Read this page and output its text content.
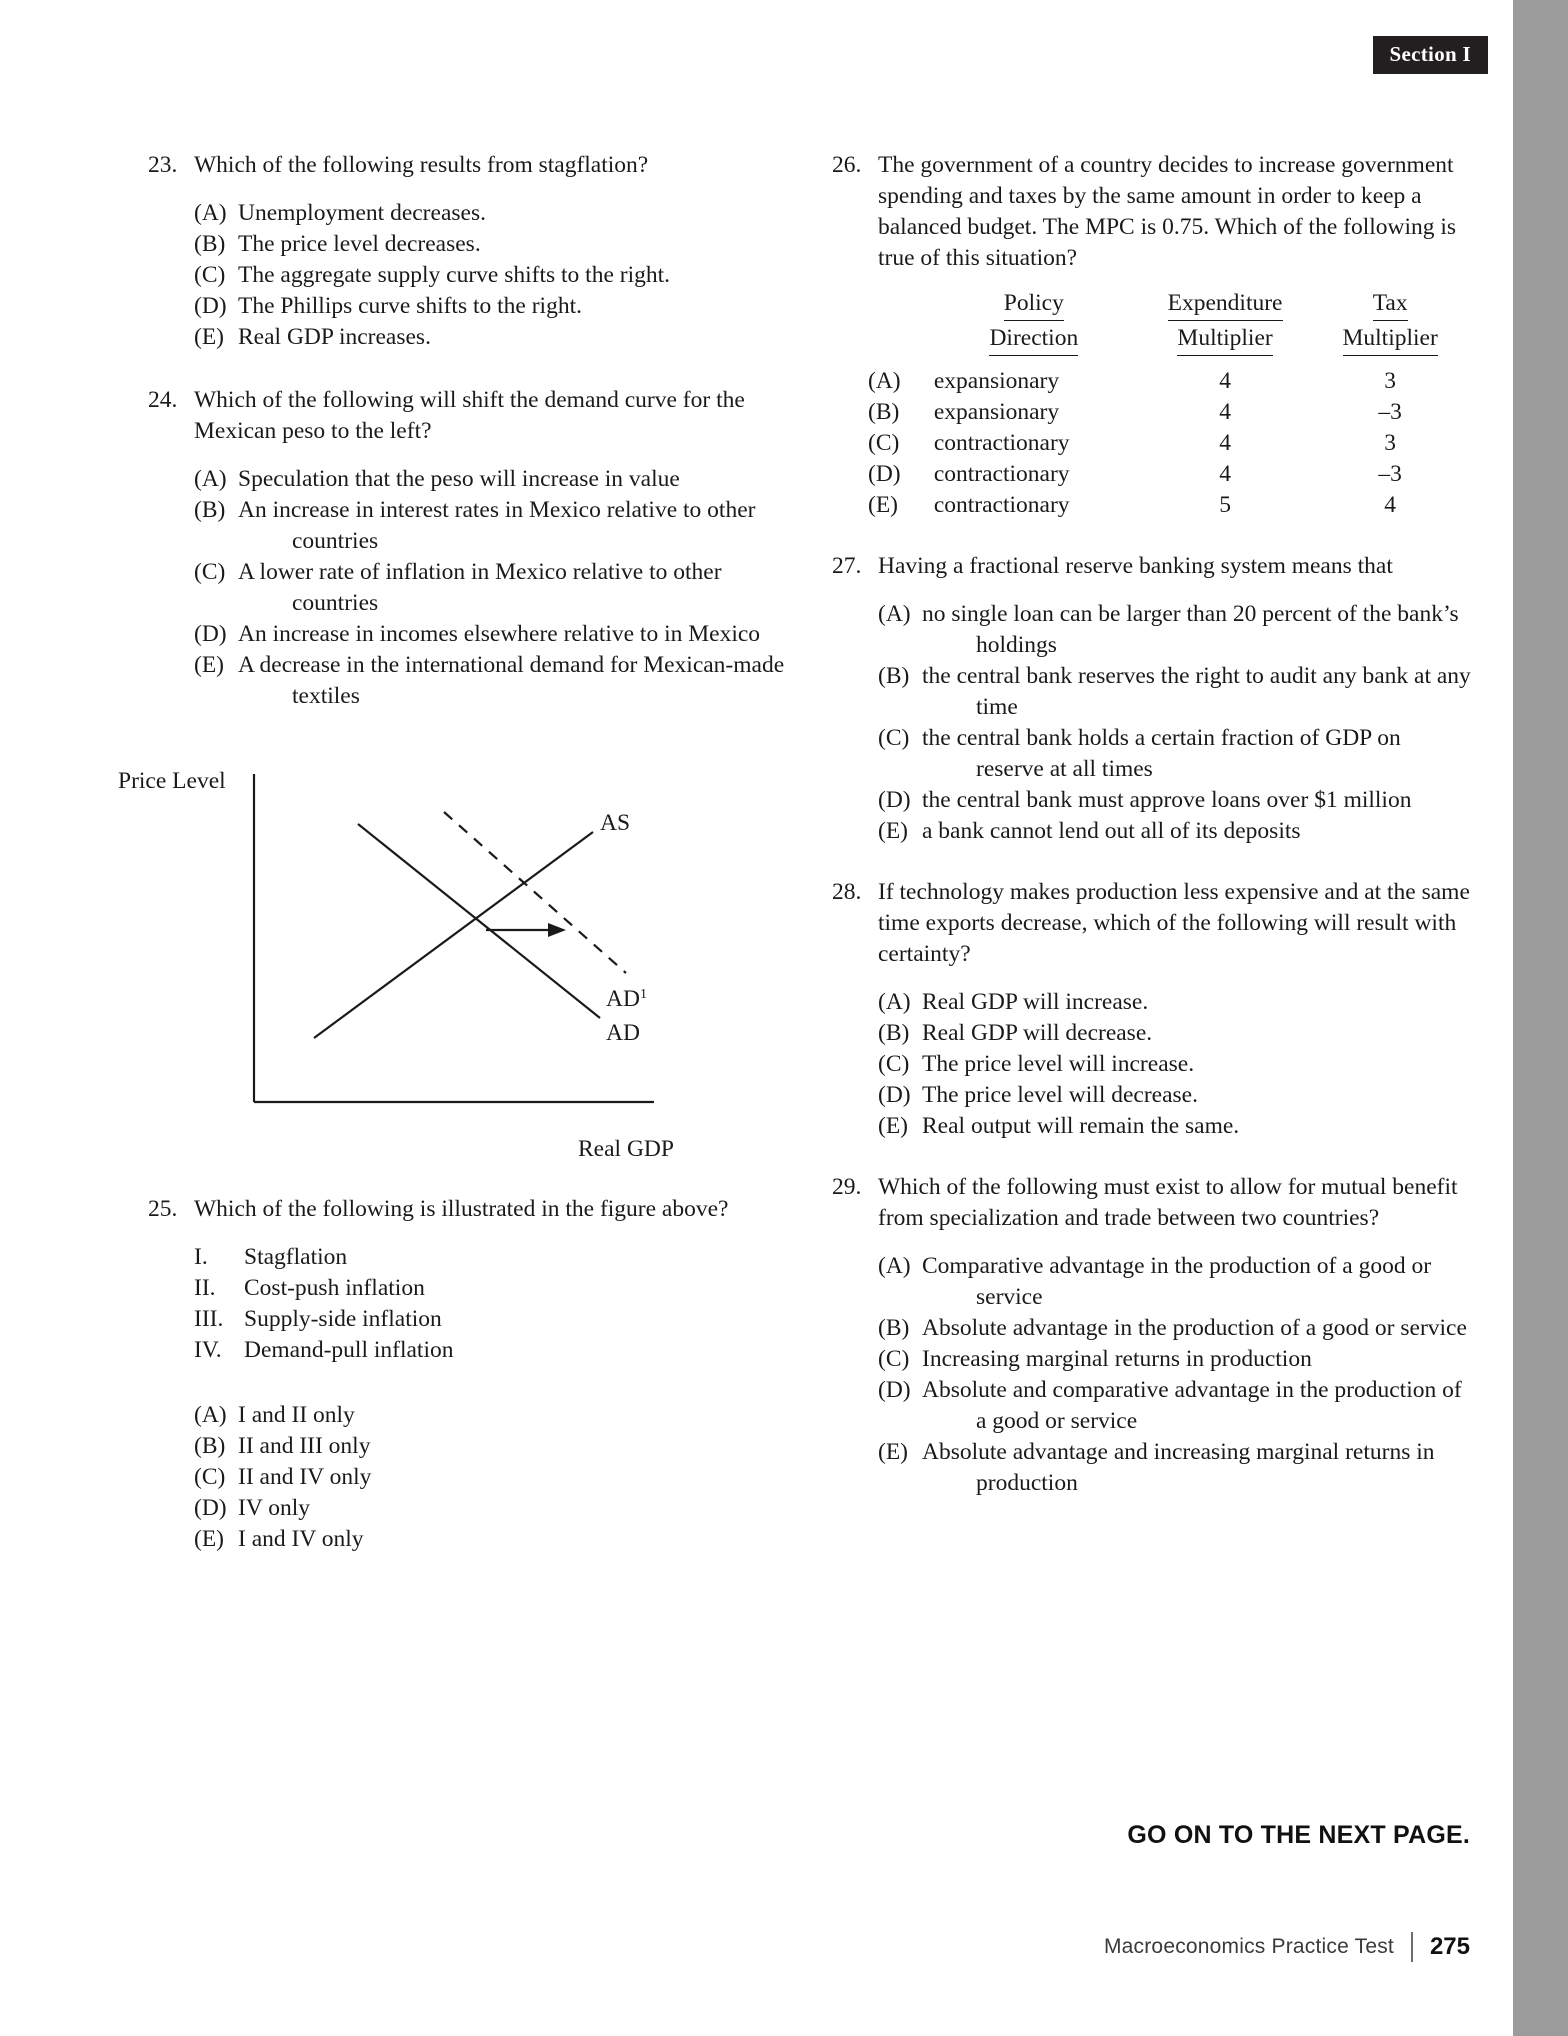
Section I
23. Which of the following results from stagflation?
(A) Unemployment decreases.
(B) The price level decreases.
(C) The aggregate supply curve shifts to the right.
(D) The Phillips curve shifts to the right.
(E) Real GDP increases.
24. Which of the following will shift the demand curve for the Mexican peso to the left?
(A) Speculation that the peso will increase in value
(B) An increase in interest rates in Mexico relative to other countries
(C) A lower rate of inflation in Mexico relative to other countries
(D) An increase in incomes elsewhere relative to in Mexico
(E) A decrease in the international demand for Mexican-made textiles
Price Level
Real GDP
AS
$AD^1$
AD
25. Which of the following is illustrated in the figure above?
I.	Stagflation
II.	Cost-push inflation
III. Supply-side inflation
IV. Demand-pull inflation
(A) I and II only
(B) II and III only
(C) II and IV only
(D) IV only
(E) I and IV only
26. The government of a country decides to increase government spending and taxes by the same amount in order to keep a balanced budget. The MPC is 0.75. Which of the following is true of this situation?
	Policy	Expenditure	Tax
	Direction	Multiplier	Multiplier

(A)	expansionary	4	3
(B)	expansionary	4	–3
(C)	contractionary	4	3
(D)	contractionary	4	–3
(E)	contractionary	5	4
27. Having a fractional reserve banking system means that
(A) no single loan can be larger than 20 percent of the bank’s holdings
(B) the central bank reserves the right to audit any bank at any time
(C) the central bank holds a certain fraction of GDP on reserve at all times
(D) the central bank must approve loans over $1 million
(E) a bank cannot lend out all of its deposits
28. If technology makes production less expensive and at the same time exports decrease, which of the following will result with certainty?
(A) Real GDP will increase.
(B) Real GDP will decrease.
(C) The price level will increase.
(D) The price level will decrease.
(E) Real output will remain the same.
29. Which of the following must exist to allow for mutual benefit from specialization and trade between two countries?
(A) Comparative advantage in the production of a good or service
(B) Absolute advantage in the production of a good or service
(C) Increasing marginal returns in production
(D) Absolute and comparative advantage in the production of a good or service
(E) Absolute advantage and increasing marginal returns in production
GO ON TO THE NEXT PAGE.
Macroeconomics Practice Test 275
